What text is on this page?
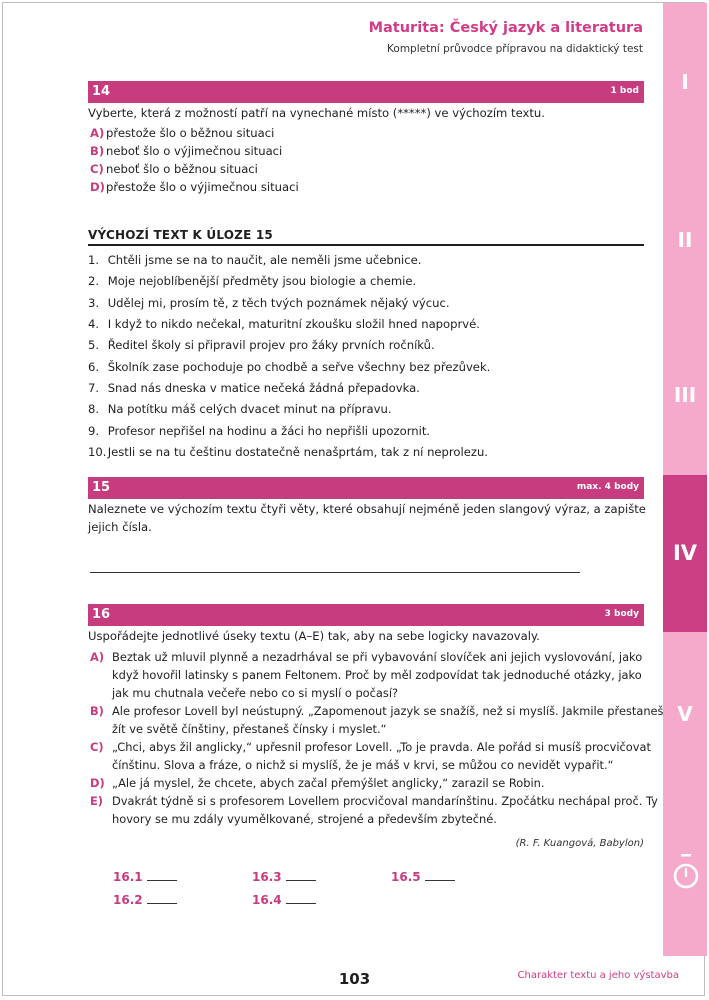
Maturita: Český jazyk a literatura
Kompletní průvodce přípravou na didaktický test
I
II
III
IV
V
14	1 bod
Vyberte, která z možností patří na vynechané místo (*****) ve výchozím textu.
A) přestože šlo o běžnou situaci
B) neboť šlo o výjimečnou situaci
C) neboť šlo o běžnou situaci
D)přestože šlo o výjimečnou situaci
VÝCHOZÍ TEXT K ÚLOZE 15
1. Chtěli jsme se na to naučit, ale neměli jsme učebnice.
2. Moje nejoblíbenější předměty jsou biologie a chemie.
3. Udělej mi, prosím tě, z těch tvých poznámek nějaký výcuc.
4. I když to nikdo nečekal, maturitní zkoušku složil hned napoprvé.
5. Ředitel školy si připravil projev pro žáky prvních ročníků.
6. Školník zase pochoduje po chodbě a seřve všechny bez přezůvek.
7. Snad nás dneska v matice nečeká žádná přepadovka.
8. Na potítku máš celých dvacet minut na přípravu.
9. Profesor nepřišel na hodinu a žáci ho nepřišli upozornit.
10. Jestli se na tu češtinu dostatečně nenašprtám, tak z ní neprolezu.
15	max. 4 body
Naleznete ve výchozím textu čtyři věty, které obsahují nejméně jeden slangový výraz, a zapište
jejich čísla.
16	3 body
Uspořádejte jednotlivé úseky textu (A–E) tak, aby na sebe logicky navazovaly.
A) Beztak už mluvil plynně a nezadrhával se při vybavování slovíček ani jejich vyslovování, jako
když hovořil latinsky s panem Feltonem. Proč by měl zodpovídat tak jednoduché otázky, jako
jak mu chutnala večeře nebo co si myslí o počasí?
B) Ale profesor Lovell byl neústupný. „Zapomenout jazyk se snažíš, než si myslíš. Jakmile přestaneš
žít ve světě čínštiny, přestaneš čínsky i myslet.“
C) „Chci, abys žil anglicky,“ upřesnil profesor Lovell. „To je pravda. Ale pořád si musíš procvičovat
čínštinu. Slova a fráze, o nichž si myslíš, že je máš v krvi, se můžou co nevidět vypařit.“
D) „Ale já myslel, že chcete, abych začal přemýšlet anglicky,“ zarazil se Robin.
E) Dvakrát týdně si s profesorem Lovellem procvičoval mandarínštinu. Zpočátku nechápal proč. Ty
hovory se mu zdály vyumělkované, strojené a především zbytečné.
(R. F. Kuangová, Babylon)
16.1
16.2
16.3
16.4
16.5
103	Charakter textu a jeho výstavba
